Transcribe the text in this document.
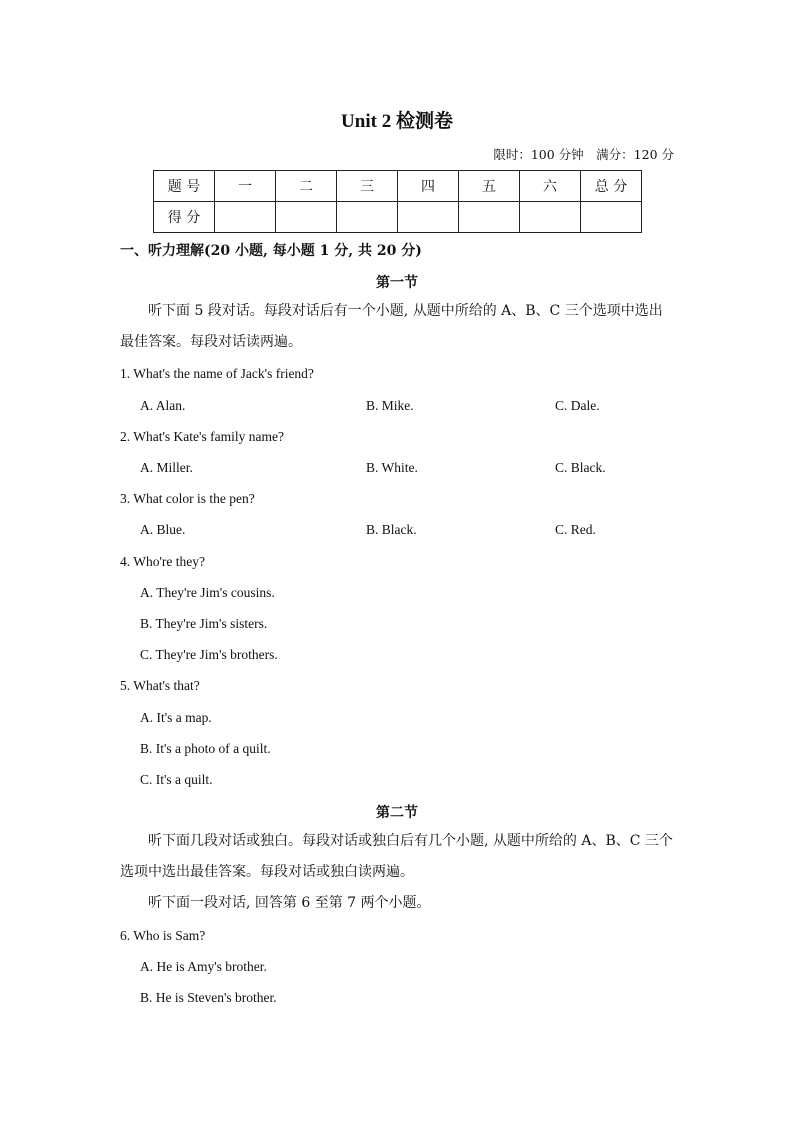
Unit 2 检测卷
限时：100 分钟　满分：120 分
题 号	一	二	三	四	五	六	总 分
得 分							
一、听力理解(20 小题, 每小题 1 分, 共 20 分)
第一节
听下面 5 段对话。每段对话后有一个小题, 从题中所给的 A、B、C 三个选项中选出最佳答案。每段对话读两遍。
1. What's the name of Jack's friend?
A. Alan.	B. Mike.	C. Dale.
2. What's Kate's family name?
A. Miller.	B. White.	C. Black.
3. What color is the pen?
A. Blue.	B. Black.	C. Red.
4. Who're they?
A. They're Jim's cousins.
B. They're Jim's sisters.
C. They're Jim's brothers.
5. What's that?
A. It's a map.
B. It's a photo of a quilt.
C. It's a quilt.
第二节
听下面几段对话或独白。每段对话或独白后有几个小题, 从题中所给的 A、B、C 三个选项中选出最佳答案。每段对话或独白读两遍。
听下面一段对话, 回答第 6 至第 7 两个小题。
6. Who is Sam?
A. He is Amy's brother.
B. He is Steven's brother.
